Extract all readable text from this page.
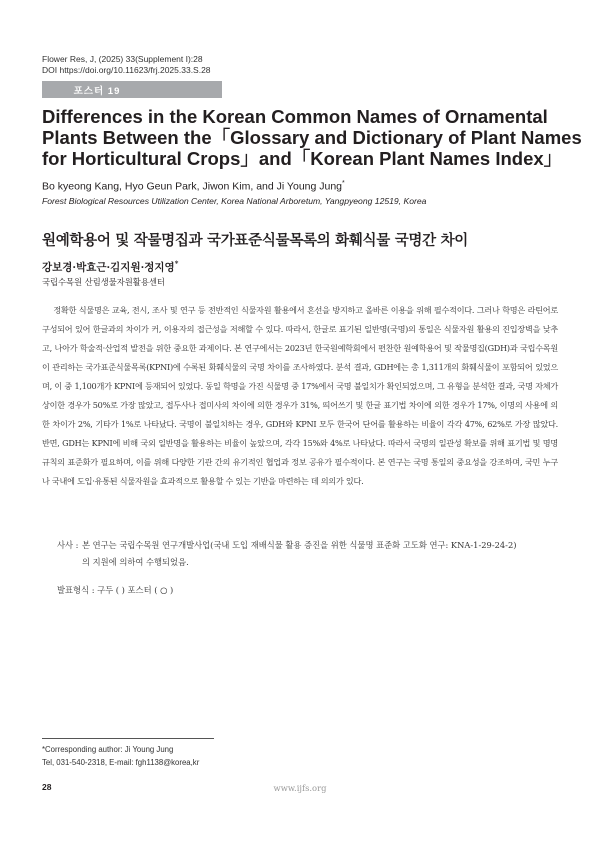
Flower Res, J, (2025) 33(Supplement I):28
DOI https://doi.org/10.11623/frj.2025.33.S.28
포스터 19
Differences in the Korean Common Names of Ornamental Plants Between the「Glossary and Dictionary of Plant Names for Horticultural Crops」and「Korean Plant Names Index」
Bo kyeong Kang, Hyo Geun Park, Jiwon Kim, and Ji Young Jung*
Forest Biological Resources Utilization Center, Korea National Arboretum, Yangpyeong 12519, Korea
원예학용어 및 작물명집과 국가표준식물목록의 화훼식물 국명간 차이
강보경·박효근·김지원·정지영*
국립수목원 산림생물자원활용센터
정확한 식물명은 교육, 전시, 조사 및 연구 등 전반적인 식물자원 활용에서 혼선을 방지하고 올바른 이용을 위해 필수적이다. 그러나 학명은 라틴어로 구성되어 있어 한글과의 차이가 커, 이용자의 접근성을 저해할 수 있다. 따라서, 한글로 표기된 일반명(국명)의 통일은 식물자원 활용의 진입장벽을 낮추고, 나아가 학술적·산업적 발전을 위한 중요한 과제이다. 본 연구에서는 2023년 한국원예학회에서 편찬한 원예학용어 및 작물명집(GDH)과 국립수목원이 관리하는 국가표준식물목록(KPNI)에 수록된 화훼식물의 국명 차이를 조사하였다. 분석 결과, GDH에는 총 1,311개의 화훼식물이 포함되어 있었으며, 이 중 1,100개가 KPNI에 등재되어 있었다. 동일 학명을 가진 식물명 중 17%에서 국명 불일치가 확인되었으며, 그 유형을 분석한 결과, 국명 자체가 상이한 경우가 50%로 가장 많았고, 접두사나 접미사의 차이에 의한 경우가 31%, 띄어쓰기 및 한글 표기법 차이에 의한 경우가 17%, 이명의 사용에 의한 차이가 2%, 기타가 1%로 나타났다. 국명이 불일치하는 경우, GDH와 KPNI 모두 한국어 단어를 활용하는 비율이 각각 47%, 62%로 가장 많았다. 반면, GDH는 KPNI에 비해 국외 일반명을 활용하는 비율이 높았으며, 각각 15%와 4%로 나타났다. 따라서 국명의 일관성 확보를 위해 표기법 및 명명 규칙의 표준화가 필요하며, 이를 위해 다양한 기관 간의 유기적인 협업과 정보 공유가 필수적이다. 본 연구는 국명 통일의 중요성을 강조하며, 국민 누구나 국내에 도입·유통된 식물자원을 효과적으로 활용할 수 있는 기반을 마련하는 데 의의가 있다.
사사 : 본 연구는 국립수목원 연구개발사업(국내 도입 재배식물 활용 증진을 위한 식물명 표준화 고도화 연구: KNA-1-29-24-2)
의 지원에 의하여 수행되었음.
발표형식 : 구두 ( ) 포스터 ( ○ )
*Corresponding author: Ji Young Jung
Tel, 031-540-2318, E-mail: fgh1138@korea,kr
28	www.ijfs.org
